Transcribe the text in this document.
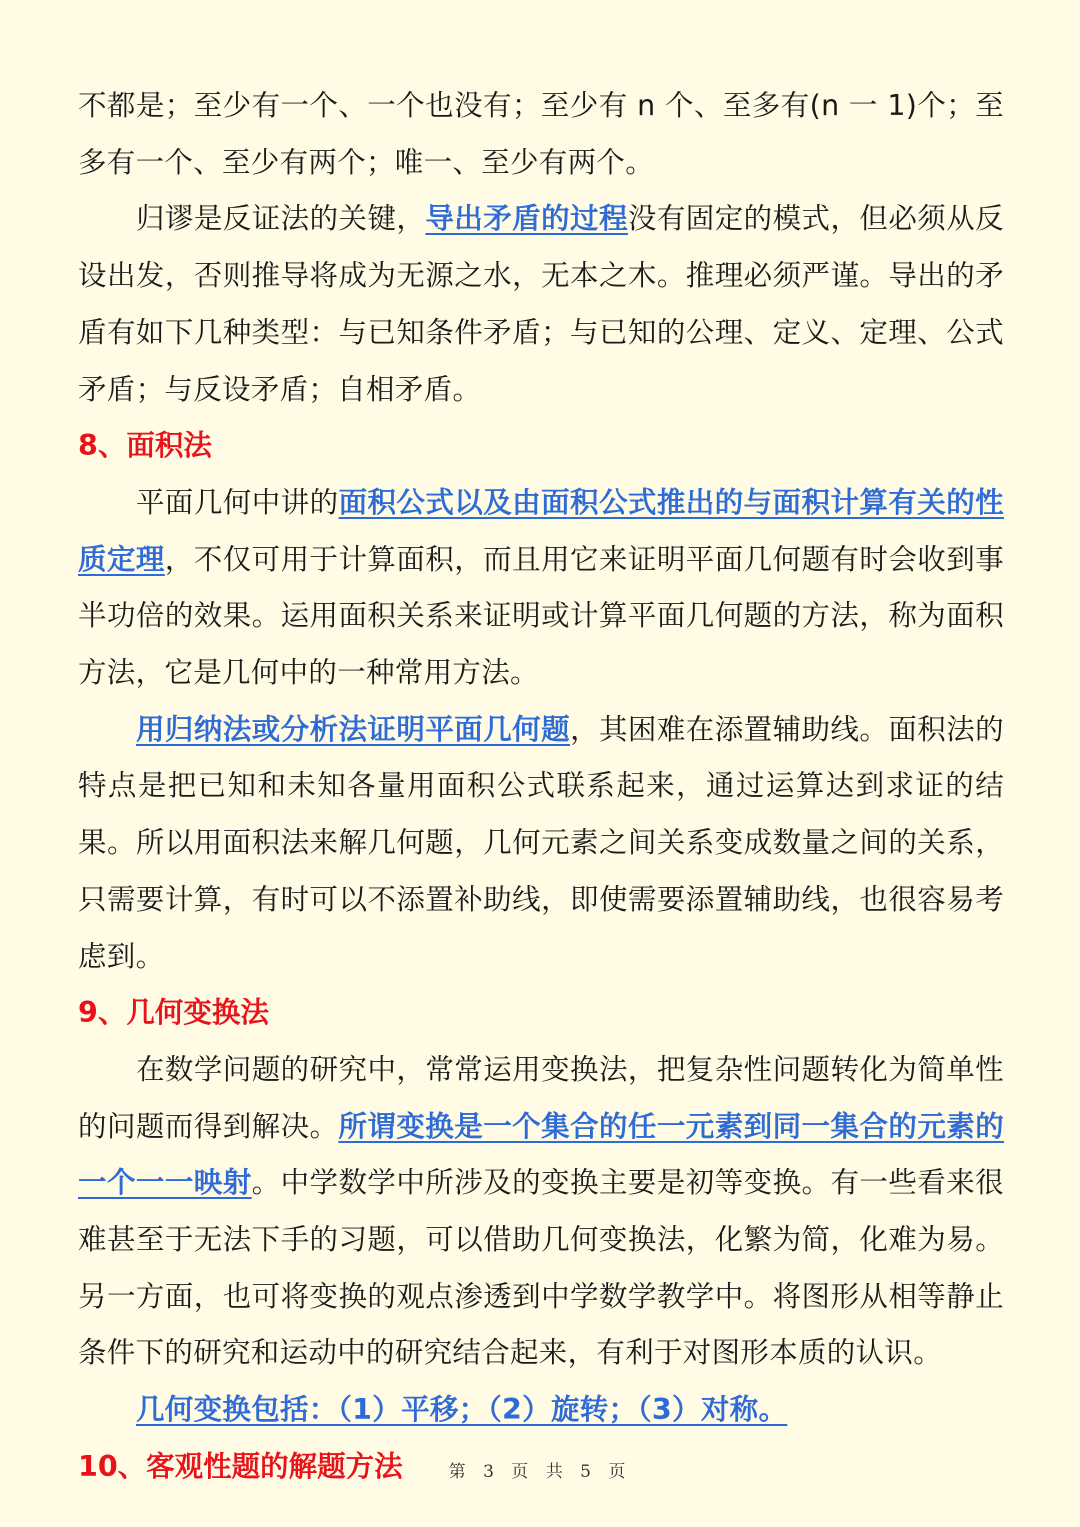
不都是；至少有一个、一个也没有；至少有 n 个、至多有(n 一 1)个；至多有一个、至少有两个；唯一、至少有两个。

归谬是反证法的关键，导出矛盾的过程没有固定的模式，但必须从反设出发，否则推导将成为无源之水，无本之木。推理必须严谨。导出的矛盾有如下几种类型：与已知条件矛盾；与已知的公理、定义、定理、公式矛盾；与反设矛盾；自相矛盾。

8、面积法

平面几何中讲的面积公式以及由面积公式推出的与面积计算有关的性质定理，不仅可用于计算面积，而且用它来证明平面几何题有时会收到事半功倍的效果。运用面积关系来证明或计算平面几何题的方法，称为面积方法，它是几何中的一种常用方法。

用归纳法或分析法证明平面几何题，其困难在添置辅助线。面积法的特点是把已知和未知各量用面积公式联系起来，通过运算达到求证的结果。所以用面积法来解几何题，几何元素之间关系变成数量之间的关系，只需要计算，有时可以不添置补助线，即使需要添置辅助线，也很容易考虑到。

9、几何变换法

在数学问题的研究中，常常运用变换法，把复杂性问题转化为简单性的问题而得到解决。所谓变换是一个集合的任一元素到同一集合的元素的一个一一映射。中学数学中所涉及的变换主要是初等变换。有一些看来很难甚至于无法下手的习题，可以借助几何变换法，化繁为简，化难为易。另一方面，也可将变换的观点渗透到中学数学教学中。将图形从相等静止条件下的研究和运动中的研究结合起来，有利于对图形本质的认识。

几何变换包括：（1）平移；（2）旋转；（3）对称。

10、客观性题的解题方法	第 3 页 共 5 页
